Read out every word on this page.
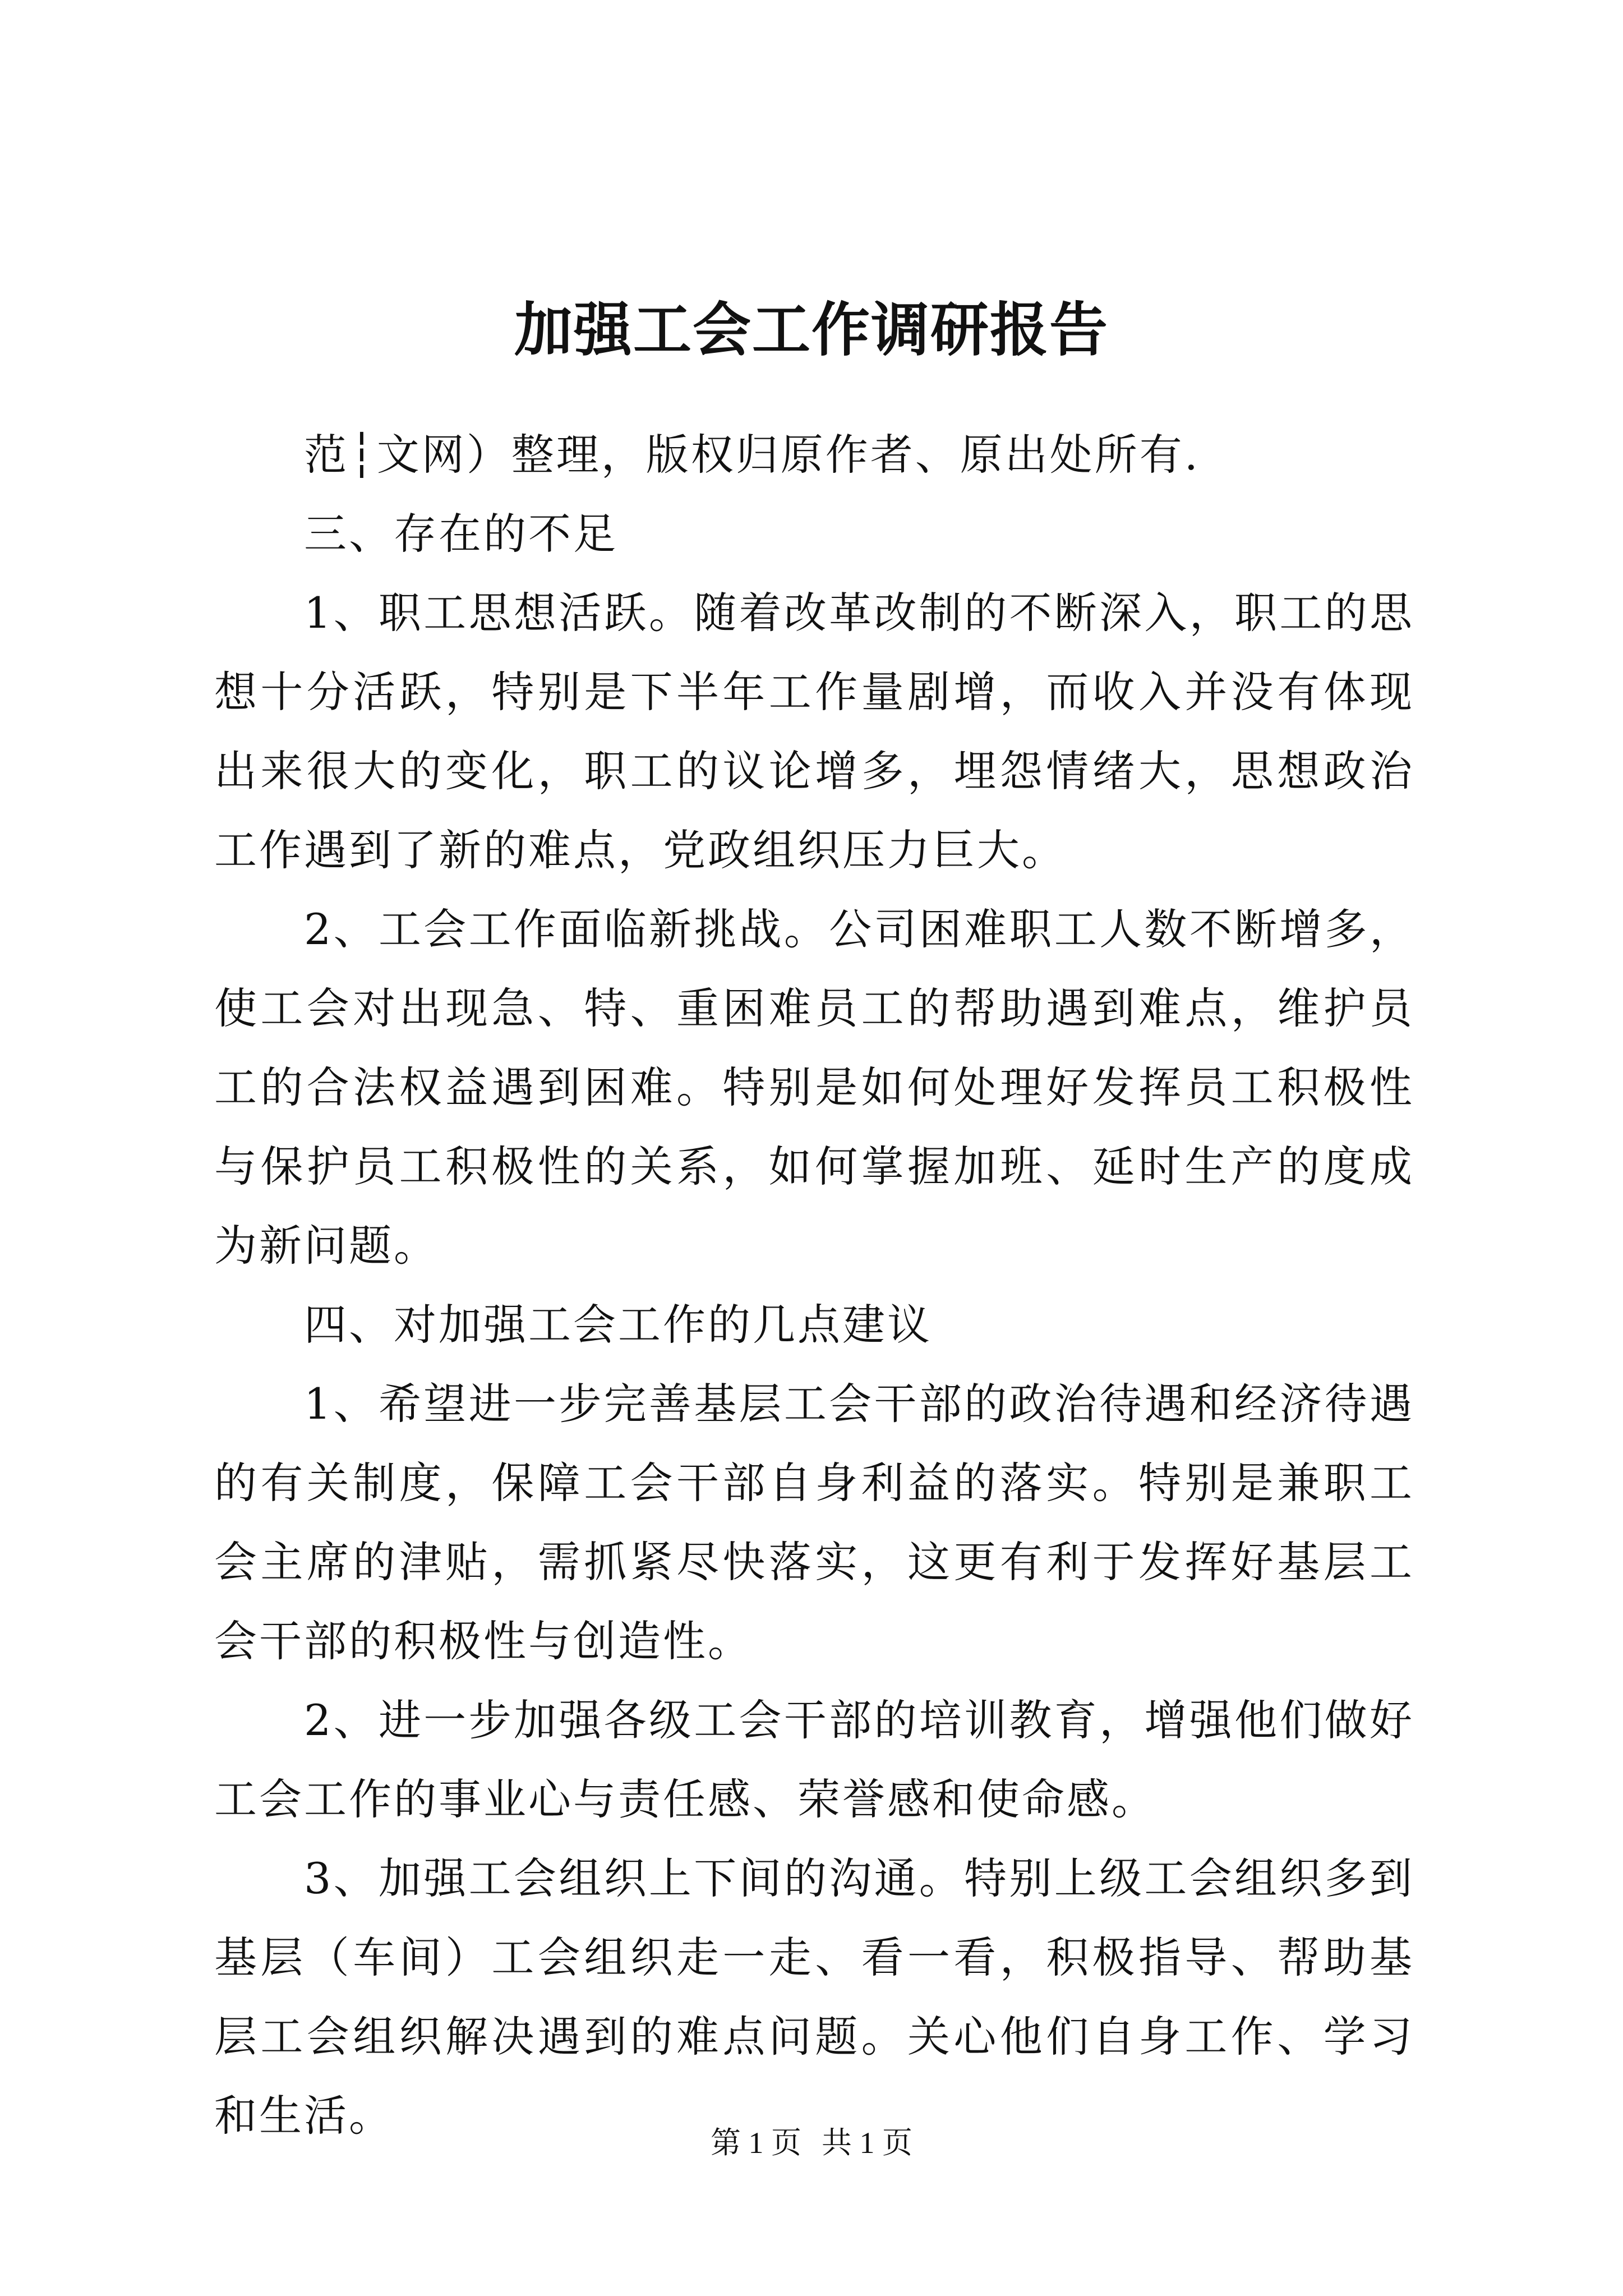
加强工会工作调研报告

范┆文网）整理，版权归原作者、原出处所有.

三、存在的不足

1、职工思想活跃。随着改革改制的不断深入，职工的思想十分活跃，特别是下半年工作量剧增，而收入并没有体现出来很大的变化，职工的议论增多，埋怨情绪大，思想政治工作遇到了新的难点，党政组织压力巨大。

2、工会工作面临新挑战。公司困难职工人数不断增多，使工会对出现急、特、重困难员工的帮助遇到难点，维护员工的合法权益遇到困难。特别是如何处理好发挥员工积极性与保护员工积极性的关系，如何掌握加班、延时生产的度成为新问题。

四、对加强工会工作的几点建议

1、希望进一步完善基层工会干部的政治待遇和经济待遇的有关制度，保障工会干部自身利益的落实。特别是兼职工会主席的津贴，需抓紧尽快落实，这更有利于发挥好基层工会干部的积极性与创造性。

2、进一步加强各级工会干部的培训教育，增强他们做好工会工作的事业心与责任感、荣誉感和使命感。

3、加强工会组织上下间的沟通。特别上级工会组织多到基层（车间）工会组织走一走、看一看，积极指导、帮助基层工会组织解决遇到的难点问题。关心他们自身工作、学习和生活。

第 1 页 共 1 页
